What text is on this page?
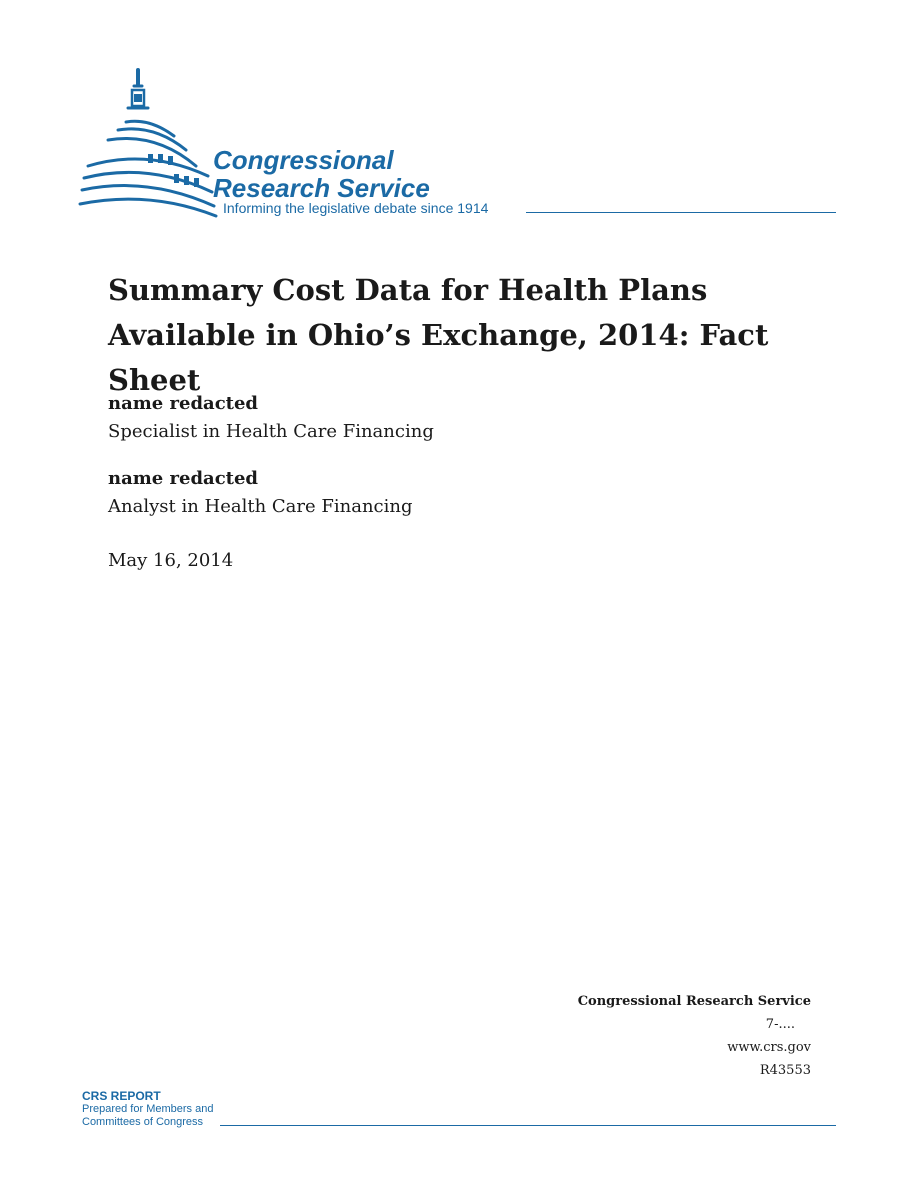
Congressional
Research Service
Informing the legislative debate since 1914
Summary Cost Data for Health Plans
Available in Ohio’s Exchange, 2014: Fact Sheet
name redacted
Specialist in Health Care Financing
name redacted
Analyst in Health Care Financing
May 16, 2014
Congressional Research Service
7-....
www.crs.gov
R43553
CRS REPORT
Prepared for Members and
Committees of Congress
